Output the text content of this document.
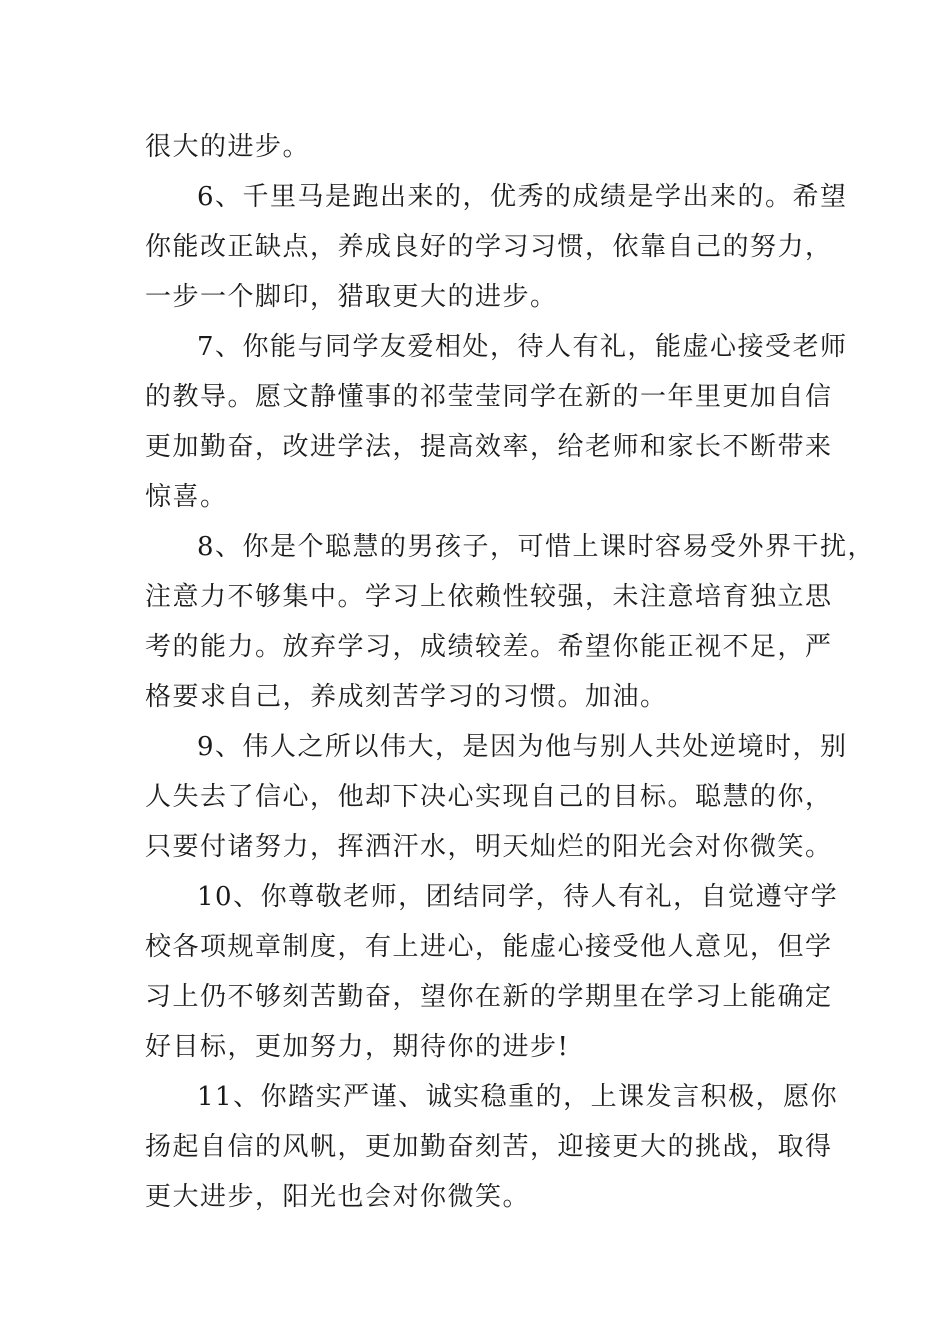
很大的进步。
6、千里马是跑出来的，优秀的成绩是学出来的。希望
你能改正缺点，养成良好的学习习惯，依靠自己的努力，
一步一个脚印，猎取更大的进步。
7、你能与同学友爱相处，待人有礼，能虚心接受老师
的教导。愿文静懂事的祁莹莹同学在新的一年里更加自信
更加勤奋，改进学法，提高效率，给老师和家长不断带来
惊喜。
8、你是个聪慧的男孩子，可惜上课时容易受外界干扰，
注意力不够集中。学习上依赖性较强，未注意培育独立思
考的能力。放弃学习，成绩较差。希望你能正视不足，严
格要求自己，养成刻苦学习的习惯。加油。
9、伟人之所以伟大，是因为他与别人共处逆境时，别
人失去了信心，他却下决心实现自己的目标。聪慧的你，
只要付诸努力，挥洒汗水，明天灿烂的阳光会对你微笑。
10、你尊敬老师，团结同学，待人有礼，自觉遵守学
校各项规章制度，有上进心，能虚心接受他人意见，但学
习上仍不够刻苦勤奋，望你在新的学期里在学习上能确定
好目标，更加努力，期待你的进步!
11、你踏实严谨、诚实稳重的，上课发言积极，愿你
扬起自信的风帆，更加勤奋刻苦，迎接更大的挑战，取得
更大进步，阳光也会对你微笑。
